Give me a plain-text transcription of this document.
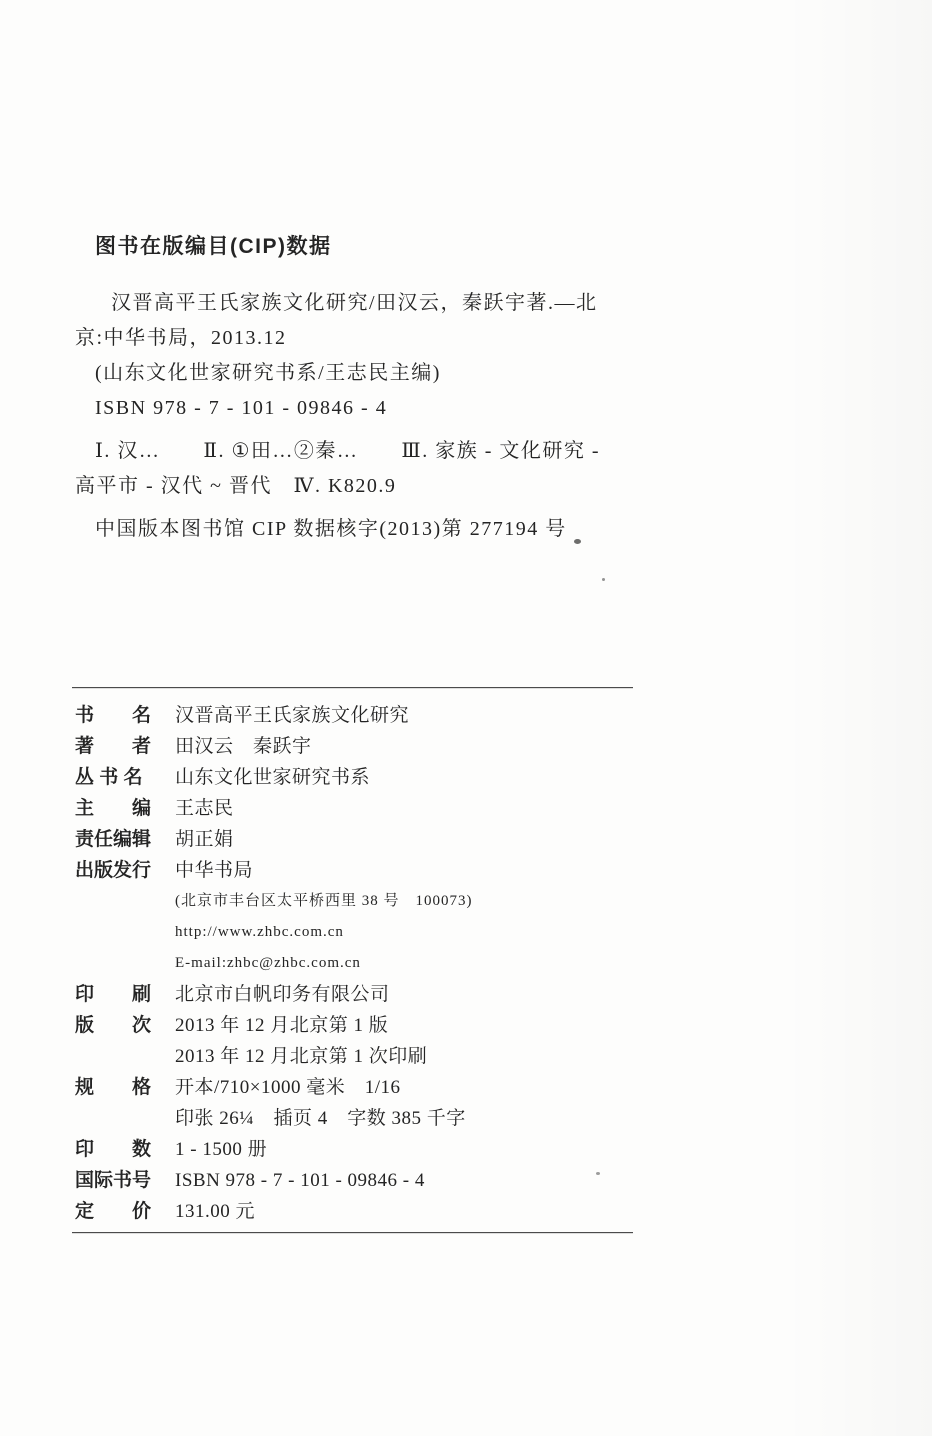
图书在版编目(CIP)数据
汉晋高平王氏家族文化研究/田汉云，秦跃宇著.—北
京:中华书局，2013.12
(山东文化世家研究书系/王志民主编)
ISBN 978 - 7 - 101 - 09846 - 4
Ⅰ. 汉…　　Ⅱ. ①田…②秦…　　Ⅲ. 家族 - 文化研究 -
高平市 - 汉代 ~ 晋代　Ⅳ. K820.9
中国版本图书馆 CIP 数据核字(2013)第 277194 号
书　　名	汉晋高平王氏家族文化研究
著　　者	田汉云　秦跃宇
丛 书 名	山东文化世家研究书系
主　　编	王志民
责任编辑	胡正娟
出版发行	中华书局
(北京市丰台区太平桥西里 38 号　100073)
http://www.zhbc.com.cn
E-mail:zhbc@zhbc.com.cn
印　　刷	北京市白帆印务有限公司
版　　次	2013 年 12 月北京第 1 版
2013 年 12 月北京第 1 次印刷
规　　格	开本/710×1000 毫米　1/16
印张 26¼　插页 4　字数 385 千字
印　　数	1 - 1500 册
国际书号	ISBN 978 - 7 - 101 - 09846 - 4
定　　价	131.00 元
